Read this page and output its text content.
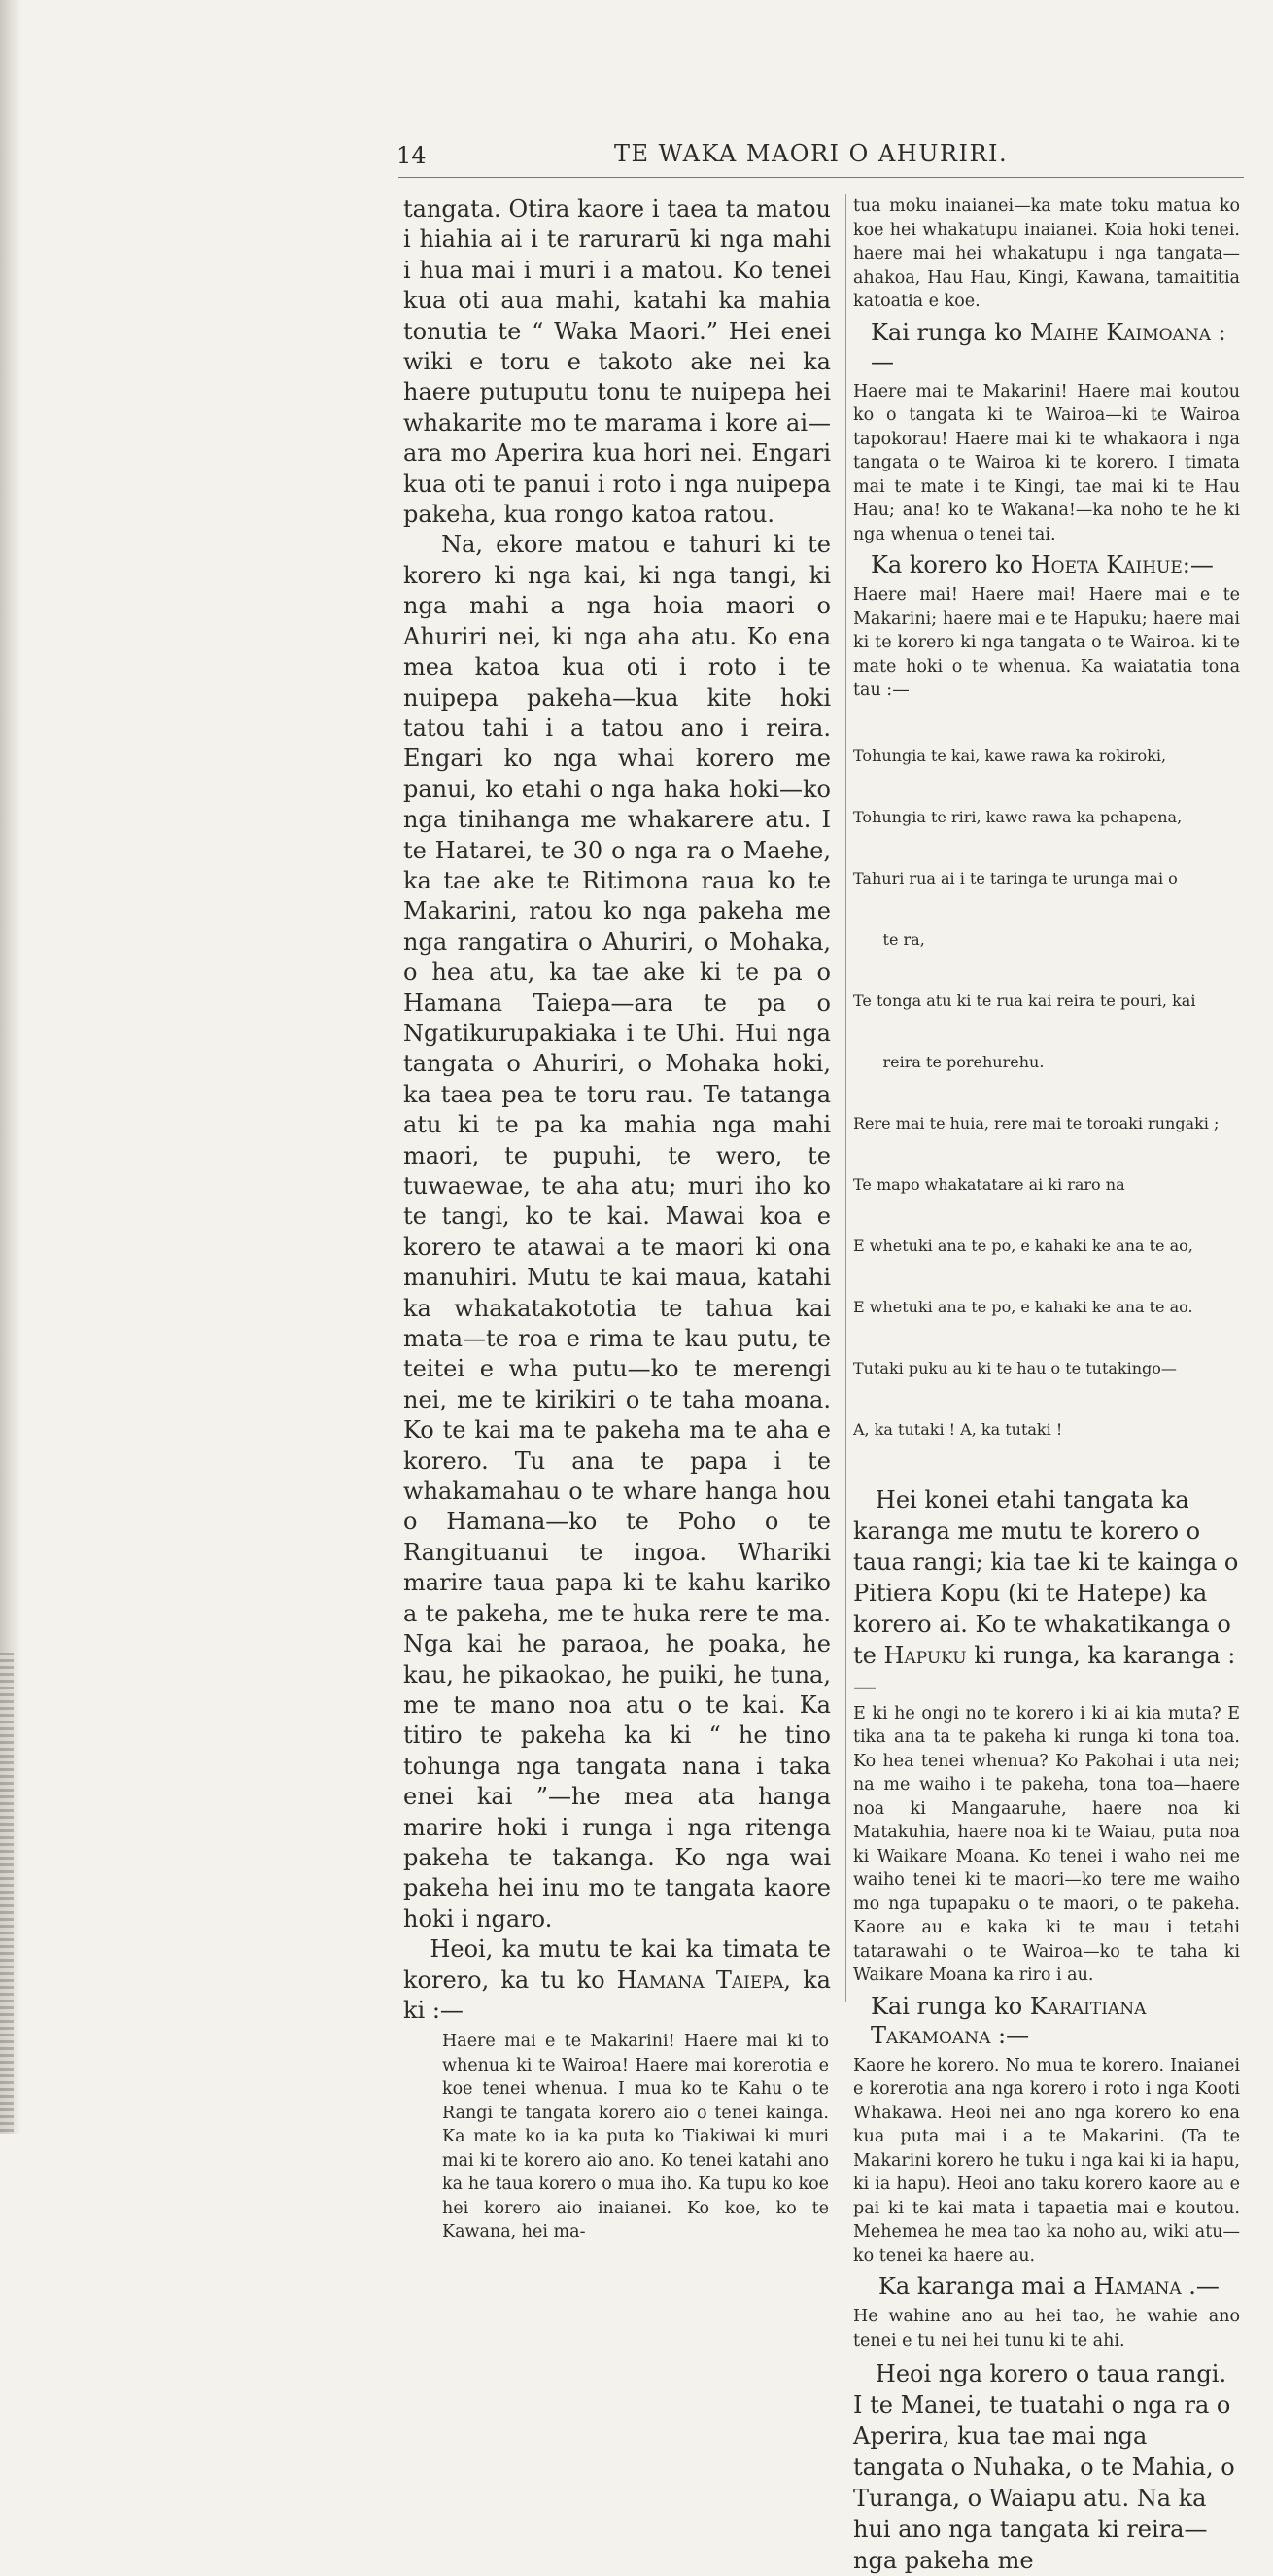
14	TE WAKA MAORI O AHURIRI.

tangata. Otira kaore i taea ta matou i hiahia ai i te rarurarū ki nga mahi i hua mai i muri i a matou. Ko tenei kua oti aua mahi, katahi ka mahia tonutia te “ Waka Maori.” Hei enei wiki e toru e takoto ake nei ka haere putuputu tonu te nuipepa hei whakarite mo te marama i kore ai—ara mo Aperira kua hori nei. Engari kua oti te panui i roto i nga nuipepa pakeha, kua rongo katoa ratou.
Na, ekore matou e tahuri ki te korero ki nga kai, ki nga tangi, ki nga mahi a nga hoia maori o Ahuriri nei, ki nga aha atu. Ko ena mea katoa kua oti i roto i te nuipepa pakeha—kua kite hoki tatou tahi i a tatou ano i reira. Engari ko nga whai korero me panui, ko etahi o nga haka hoki—ko nga tinihanga me whakarere atu. I te Hatarei, te 30 o nga ra o Maehe, ka tae ake te Ritimona raua ko te Makarini, ratou ko nga pakeha me nga rangatira o Ahuriri, o Mohaka, o hea atu, ka tae ake ki te pa o Hamana Taiepa—ara te pa o Ngatikurupakiaka i te Uhi. Hui nga tangata o Ahuriri, o Mohaka hoki, ka taea pea te toru rau. Te tatanga atu ki te pa ka mahia nga mahi maori, te pupuhi, te wero, te tuwaewae, te aha atu; muri iho ko te tangi, ko te kai. Mawai koa e korero te atawai a te maori ki ona manuhiri. Mutu te kai maua, katahi ka whakatakototia te tahua kai mata—te roa e rima te kau putu, te teitei e wha putu—ko te merengi nei, me te kirikiri o te taha moana. Ko te kai ma te pakeha ma te aha e korero. Tu ana te papa i te whakamahau o te whare hanga hou o Hamana—ko te Poho o te Rangituanui te ingoa. Whariki marire taua papa ki te kahu kariko a te pakeha, me te huka rere te ma. Nga kai he paraoa, he poaka, he kau, he pikaokao, he puiki, he tuna, me te mano noa atu o te kai. Ka titiro te pakeha ka ki “ he tino tohunga nga tangata nana i taka enei kai ”—he mea ata hanga marire hoki i runga i nga ritenga pakeha te takanga. Ko nga wai pakeha hei inu mo te tangata kaore hoki i ngaro.
Heoi, ka mutu te kai ka timata te korero, ka tu ko Hamana Taiepa, ka ki :—

Haere mai e te Makarini! Haere mai ki to whenua ki te Wairoa! Haere mai korerotia e koe tenei whenua. I mua ko te Kahu o te Rangi te tangata korero aio o tenei kainga. Ka mate ko ia ka puta ko Tiakiwai ki muri mai ki te korero aio ano. Ko tenei katahi ano ka he taua korero o mua iho. Ka tupu ko koe hei korero aio inaianei. Ko koe, ko te Kawana, hei ma-

tua moku inaianei—ka mate toku matua ko koe hei whakatupu inaianei. Koia hoki tenei. haere mai hei whakatupu i nga tangata—ahakoa, Hau Hau, Kingi, Kawana, tamaititia katoatia e koe.

Kai runga ko Maihe Kaimoana :—

Haere mai te Makarini! Haere mai koutou ko o tangata ki te Wairoa—ki te Wairoa tapokorau! Haere mai ki te whakaora i nga tangata o te Wairoa ki te korero. I timata mai te mate i te Kingi, tae mai ki te Hau Hau; ana! ko te Wakana!—ka noho te he ki nga whenua o tenei tai.

Ka korero ko Hoeta Kaihue:—

Haere mai! Haere mai! Haere mai e te Makarini; haere mai e te Hapuku; haere mai ki te korero ki nga tangata o te Wairoa. ki te mate hoki o te whenua. Ka waiatatia tona tau :—

Tohungia te kai, kawe rawa ka rokiroki,

Tohungia te riri, kawe rawa ka pehapena,

Tahuri rua ai i te taringa te urunga mai o

te ra,

Te tonga atu ki te rua kai reira te pouri, kai

reira te porehurehu.

Rere mai te huia, rere mai te toroaki rungaki ;

Te mapo whakatatare ai ki raro na

E whetuki ana te po, e kahaki ke ana te ao,

E whetuki ana te po, e kahaki ke ana te ao.

Tutaki puku au ki te hau o te tutakingo—

A, ka tutaki ! A, ka tutaki !

Hei konei etahi tangata ka karanga me mutu te korero o taua rangi; kia tae ki te kainga o Pitiera Kopu (ki te Hatepe) ka korero ai. Ko te whakatikanga o te Hapuku ki runga, ka karanga :—

E ki he ongi no te korero i ki ai kia muta? E tika ana ta te pakeha ki runga ki tona toa. Ko hea tenei whenua? Ko Pakohai i uta nei; na me waiho i te pakeha, tona toa—haere noa ki Mangaaruhe, haere noa ki Matakuhia, haere noa ki te Waiau, puta noa ki Waikare Moana. Ko tenei i waho nei me waiho tenei ki te maori—ko tere me waiho mo nga tupapaku o te maori, o te pakeha. Kaore au e kaka ki te mau i tetahi tatarawahi o te Wairoa—ko te taha ki Waikare Moana ka riro i au.

Kai runga ko Karaitiana Takamoana :—

Kaore he korero. No mua te korero. Inaianei e korerotia ana nga korero i roto i nga Kooti Whakawa. Heoi nei ano nga korero ko ena kua puta mai i a te Makarini. (Ta te Makarini korero he tuku i nga kai ki ia hapu, ki ia hapu). Heoi ano taku korero kaore au e pai ki te kai mata i tapaetia mai e koutou. Mehemea he mea tao ka noho au, wiki atu—ko tenei ka haere au.

Ka karanga mai a Hamana .—

He wahine ano au hei tao, he wahie ano tenei e tu nei hei tunu ki te ahi.

Heoi nga korero o taua rangi. I te Manei, te tuatahi o nga ra o Aperira, kua tae mai nga tangata o Nuhaka, o te Mahia, o Turanga, o Waiapu atu. Na ka hui ano nga tangata ki reira—nga pakeha me
